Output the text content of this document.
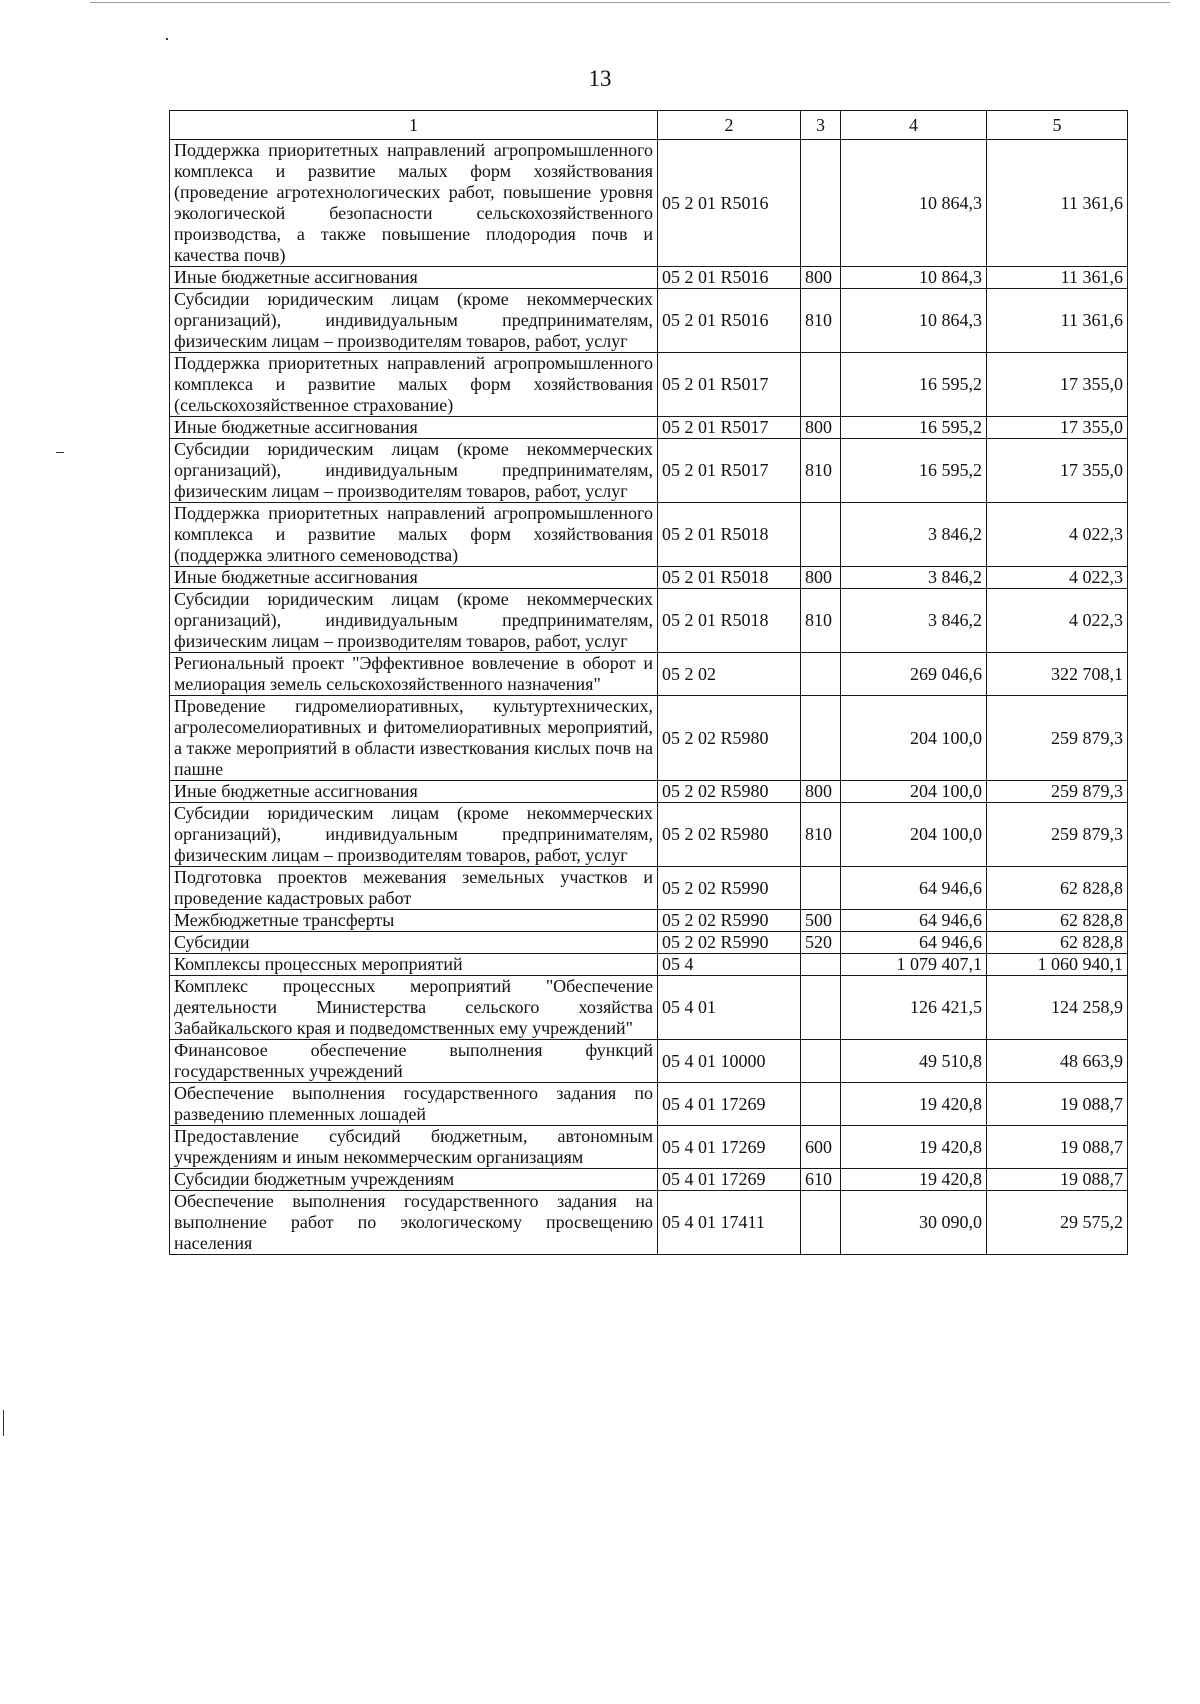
13
1	2	3	4	5
Поддержка приоритетных направлений агропромышленного комплекса и развитие малых форм хозяйствования (проведение агротехнологических работ, повышение уровня экологической безопасности сельскохозяйственного производства, а также повышение плодородия почв и качества почв)	05 2 01 R5016		10 864,3	11 361,6
Иные бюджетные ассигнования	05 2 01 R5016	800	10 864,3	11 361,6
Субсидии юридическим лицам (кроме некоммерческих организаций), индивидуальным предпринимателям, физическим лицам – производителям товаров, работ, услуг	05 2 01 R5016	810	10 864,3	11 361,6
Поддержка приоритетных направлений агропромышленного комплекса и развитие малых форм хозяйствования (сельскохозяйственное страхование)	05 2 01 R5017		16 595,2	17 355,0
Иные бюджетные ассигнования	05 2 01 R5017	800	16 595,2	17 355,0
Субсидии юридическим лицам (кроме некоммерческих организаций), индивидуальным предпринимателям, физическим лицам – производителям товаров, работ, услуг	05 2 01 R5017	810	16 595,2	17 355,0
Поддержка приоритетных направлений агропромышленного комплекса и развитие малых форм хозяйствования (поддержка элитного семеноводства)	05 2 01 R5018		3 846,2	4 022,3
Иные бюджетные ассигнования	05 2 01 R5018	800	3 846,2	4 022,3
Субсидии юридическим лицам (кроме некоммерческих организаций), индивидуальным предпринимателям, физическим лицам – производителям товаров, работ, услуг	05 2 01 R5018	810	3 846,2	4 022,3
Региональный проект "Эффективное вовлечение в оборот и мелиорация земель сельскохозяйственного назначения"	05 2 02		269 046,6	322 708,1
Проведение гидромелиоративных, культуртехнических, агролесомелиоративных и фитомелиоративных мероприятий, а также мероприятий в области известкования кислых почв на пашне	05 2 02 R5980		204 100,0	259 879,3
Иные бюджетные ассигнования	05 2 02 R5980	800	204 100,0	259 879,3
Субсидии юридическим лицам (кроме некоммерческих организаций), индивидуальным предпринимателям, физическим лицам – производителям товаров, работ, услуг	05 2 02 R5980	810	204 100,0	259 879,3
Подготовка проектов межевания земельных участков и проведение кадастровых работ	05 2 02 R5990		64 946,6	62 828,8
Межбюджетные трансферты	05 2 02 R5990	500	64 946,6	62 828,8
Субсидии	05 2 02 R5990	520	64 946,6	62 828,8
Комплексы процессных мероприятий	05 4		1 079 407,1	1 060 940,1
Комплекс процессных мероприятий "Обеспечение деятельности Министерства сельского хозяйства Забайкальского края и подведомственных ему учреждений"	05 4 01		126 421,5	124 258,9
Финансовое обеспечение выполнения функций государственных учреждений	05 4 01 10000		49 510,8	48 663,9
Обеспечение выполнения государственного задания по разведению племенных лошадей	05 4 01 17269		19 420,8	19 088,7
Предоставление субсидий бюджетным, автономным учреждениям и иным некоммерческим организациям	05 4 01 17269	600	19 420,8	19 088,7
Субсидии бюджетным учреждениям	05 4 01 17269	610	19 420,8	19 088,7
Обеспечение выполнения государственного задания на выполнение работ по экологическому просвещению населения	05 4 01 17411		30 090,0	29 575,2
